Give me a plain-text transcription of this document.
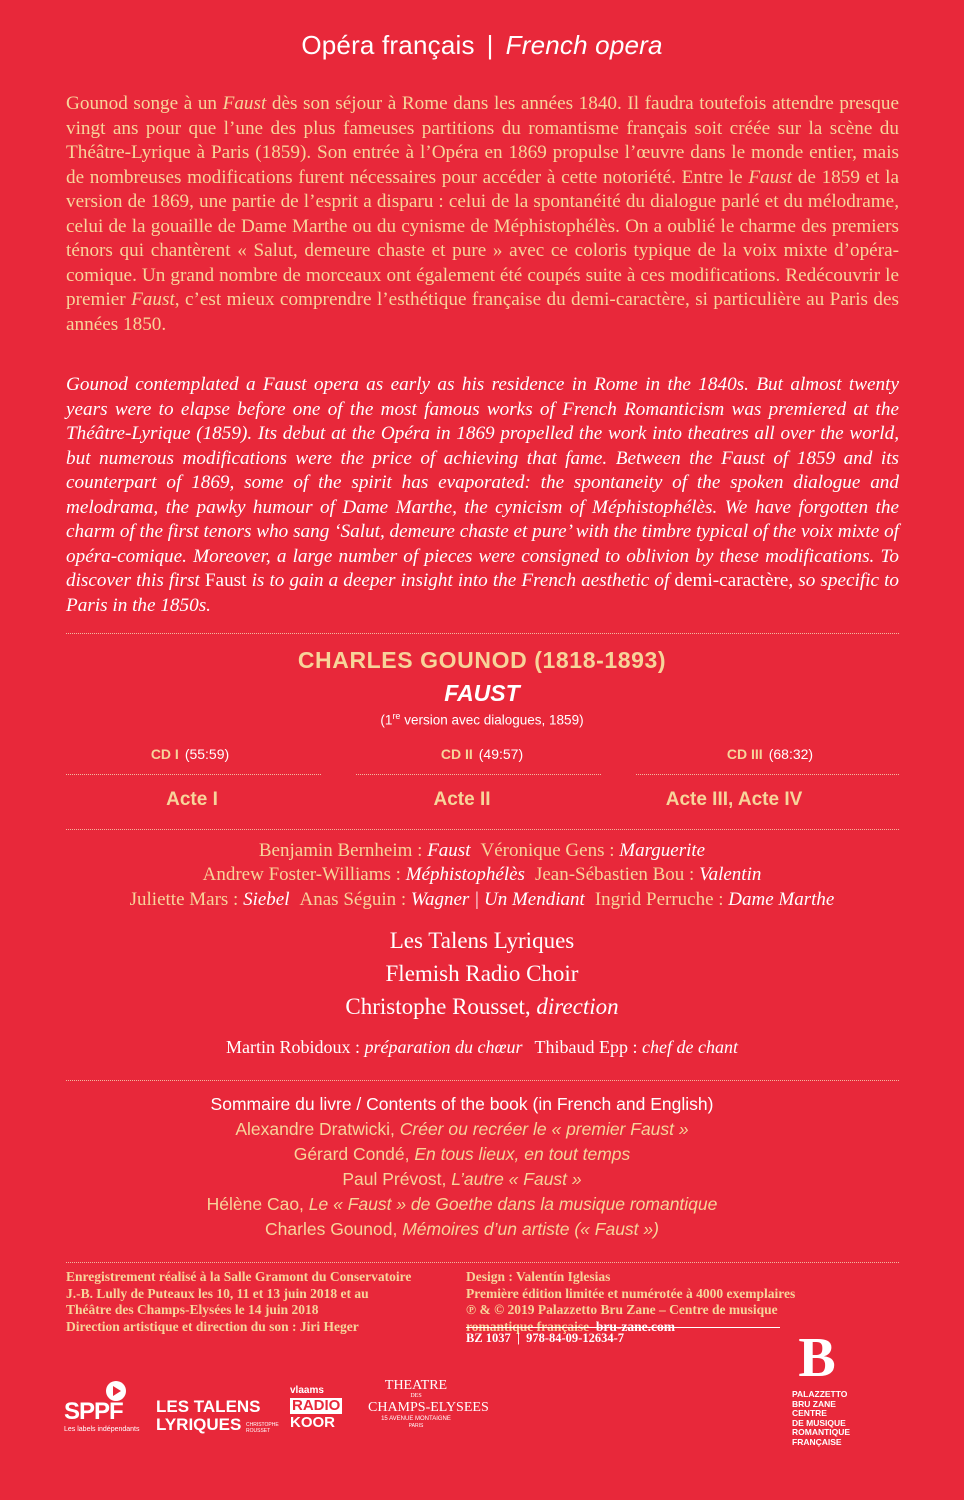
Opéra français | French opera
Gounod songe à un Faust dès son séjour à Rome dans les années 1840. Il faudra toutefois attendre presque vingt ans pour que l’une des plus fameuses partitions du romantisme français soit créée sur la scène du Théâtre-Lyrique à Paris (1859). Son entrée à l’Opéra en 1869 propulse l’œuvre dans le monde entier, mais de nombreuses modifications furent nécessaires pour accéder à cette notoriété. Entre le Faust de 1859 et la version de 1869, une partie de l’esprit a disparu : celui de la spontanéité du dialogue parlé et du mélodrame, celui de la gouaille de Dame Marthe ou du cynisme de Méphistophélès. On a oublié le charme des premiers ténors qui chantèrent « Salut, demeure chaste et pure » avec ce coloris typique de la voix mixte d’opéra-comique. Un grand nombre de morceaux ont également été coupés suite à ces modifications. Redécouvrir le premier Faust, c’est mieux comprendre l’esthétique française du demi-caractère, si particulière au Paris des années 1850.
Gounod contemplated a Faust opera as early as his residence in Rome in the 1840s. But almost twenty years were to elapse before one of the most famous works of French Romanticism was premiered at the Théâtre-Lyrique (1859). Its debut at the Opéra in 1869 propelled the work into theatres all over the world, but numerous modifications were the price of achieving that fame. Between the Faust of 1859 and its counterpart of 1869, some of the spirit has evaporated: the spontaneity of the spoken dialogue and melodrama, the pawky humour of Dame Marthe, the cynicism of Méphistophélès. We have forgotten the charm of the first tenors who sang ‘Salut, demeure chaste et pure’ with the timbre typical of the voix mixte of opéra-comique. Moreover, a large number of pieces were consigned to oblivion by these modifications. To discover this first Faust is to gain a deeper insight into the French aesthetic of demi-caractère, so specific to Paris in the 1850s.
CHARLES GOUNOD (1818-1893)
FAUST
(1re version avec dialogues, 1859)
CD I (55:59)	CD II (49:57)	CD III (68:32)
Acte I	Acte II	Acte III, Acte IV
Benjamin Bernheim : Faust Véronique Gens : Marguerite
Andrew Foster-Williams : Méphistophélès Jean-Sébastien Bou : Valentin
Juliette Mars : Siebel Anas Séguin : Wagner | Un Mendiant Ingrid Perruche : Dame Marthe
Les Talens Lyriques
Flemish Radio Choir
Christophe Rousset, direction
Martin Robidoux : préparation du chœur Thibaud Epp : chef de chant
Sommaire du livre / Contents of the book (in French and English)
Alexandre Dratwicki, Créer ou recréer le « premier Faust »
Gérard Condé, En tous lieux, en tout temps
Paul Prévost, L’autre « Faust »
Hélène Cao, Le « Faust » de Goethe dans la musique romantique
Charles Gounod, Mémoires d’un artiste (« Faust »)
Enregistrement réalisé à la Salle Gramont du Conservatoire
J.-B. Lully de Puteaux les 10, 11 et 13 juin 2018 et au
Théâtre des Champs-Elysées le 14 juin 2018
Direction artistique et direction du son : Jiri Heger
Design : Valentín Iglesias
Première édition limitée et numérotée à 4000 exemplaires
℗ & © 2019 Palazzetto Bru Zane – Centre de musique
romantique française bru-zane.com
BZ 1037 | 978-84-09-12634-7
SPPF
Les labels indépendants
LES TALENS
LYRIQUES CHRISTOPHE ROUSSET
vlaams
RADIO
KOOR
THEATRE
DES
CHAMPS-ELYSEES
15 AVENUE MONTAIGNE
PARIS
B
PALAZZETTO
BRU ZANE
CENTRE
DE MUSIQUE
ROMANTIQUE
FRANÇAISE
